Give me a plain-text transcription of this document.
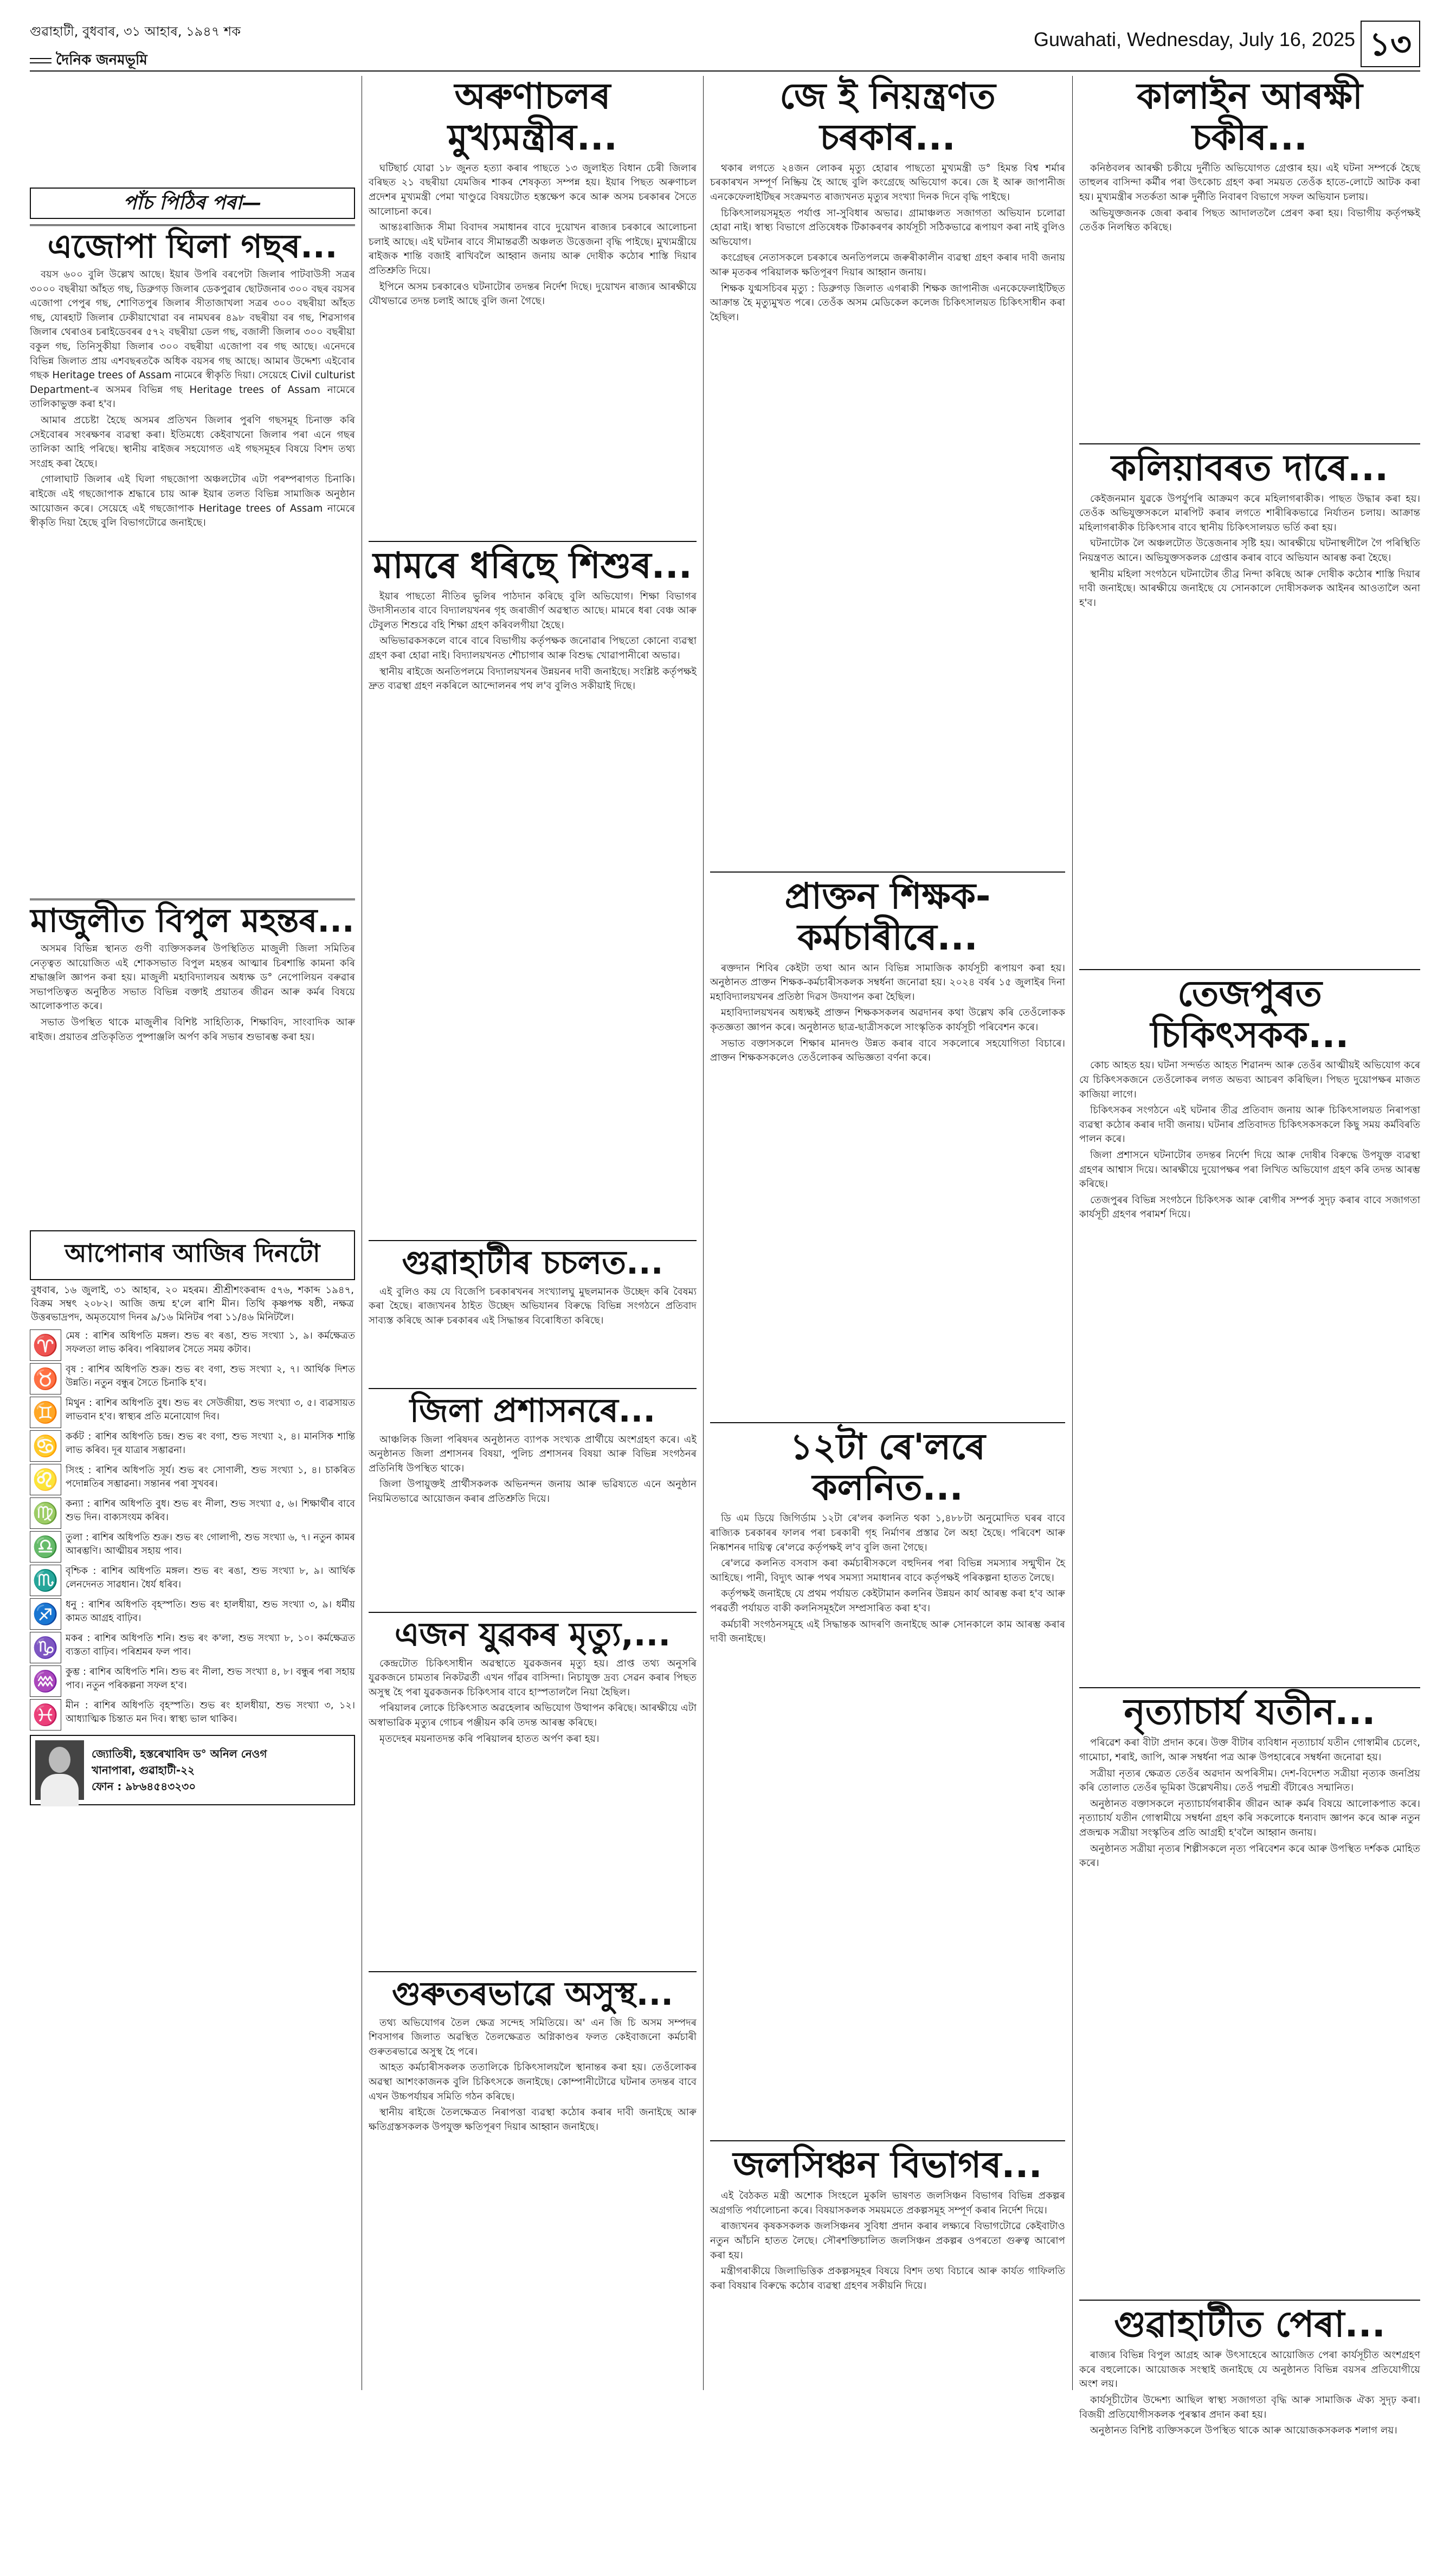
গুৱাহাটী, বুধবাৰ, ৩১ আহাৰ, ১৯৪৭ শক
দৈনিক জনমভূমি
Guwahati, Wednesday, July 16, 2025 ১৩
পাঁচ পিঠিৰ পৰা—
এজোপা ঘিলা গছৰ...

বয়স ৬০০ বুলি উল্লেখ আছে। ইয়াৰ উপৰি বৰপেটা জিলাৰ পাটবাউসী সত্ৰৰ ৩০০০ বছৰীয়া আঁহত গছ, ডিব্ৰুগড় জিলাৰ ডেকপুৱাৰ ছোটজনাৰ ৩০০ বছৰ বয়সৰ এজোপা পেপুৰ গছ, শোণিতপুৰ জিলাৰ সীতাজাখলা সত্ৰৰ ৩০০ বছৰীয়া আঁহত গছ, যোৰহাট জিলাৰ ঢেকীয়াখোৱা বৰ নামঘৰৰ ৪৯৮ বছৰীয়া বৰ গছ, শিৱসাগৰ জিলাৰ থেৰাওৰ চৰাইডেবৰৰ ৫৭২ বছৰীয়া ডেল গছ, বজালী জিলাৰ ৩০০ বছৰীয়া বকুল গছ, তিনিসুকীয়া জিলাৰ ৩০০ বছৰীয়া এজোপা বৰ গছ আছে। এনেদৰে বিভিন্ন জিলাত প্ৰায় এশবছৰতকৈ অধিক বয়সৰ গছ আছে। আমাৰ উদ্দেশ্য এইবোৰ গছক Heritage trees of Assam নামেৰে স্বীকৃতি দিয়া। সেয়েহে Civil culturist Department-ৰ অসমৰ বিভিন্ন গছ Heritage trees of Assam নামেৰে তালিকাভুক্ত কৰা হ'ব।

আমাৰ প্ৰচেষ্টা হৈছে অসমৰ প্ৰতিখন জিলাৰ পুৰণি গছসমূহ চিনাক্ত কৰি সেইবোৰৰ সংৰক্ষণৰ ব্যৱস্থা কৰা। ইতিমধ্যে কেইবাখনো জিলাৰ পৰা এনে গছৰ তালিকা আহি পৰিছে। স্থানীয় ৰাইজৰ সহযোগত এই গছসমূহৰ বিষয়ে বিশদ তথ্য সংগ্ৰহ কৰা হৈছে।

গোলাঘাট জিলাৰ এই ঘিলা গছজোপা অঞ্চলটোৰ এটা পৰম্পৰাগত চিনাকি। ৰাইজে এই গছজোপাক শ্ৰদ্ধাৰে চায় আৰু ইয়াৰ তলত বিভিন্ন সামাজিক অনুষ্ঠান আয়োজন কৰে। সেয়েহে এই গছজোপাক Heritage trees of Assam নামেৰে স্বীকৃতি দিয়া হৈছে বুলি বিভাগটোৱে জনাইছে।

মাজুলীত বিপুল মহন্তৰ...

অসমৰ বিভিন্ন স্থানত গুণী ব্যক্তিসকলৰ উপস্থিতিত মাজুলী জিলা সমিতিৰ নেতৃত্বত আয়োজিত এই শোকসভাত বিপুল মহন্তৰ আত্মাৰ চিৰশান্তি কামনা কৰি শ্ৰদ্ধাঞ্জলি জ্ঞাপন কৰা হয়। মাজুলী মহাবিদ্যালয়ৰ অধ্যক্ষ ড° নেপোলিয়ন বৰুৱাৰ সভাপতিত্বত অনুষ্ঠিত সভাত বিভিন্ন বক্তাই প্ৰয়াতৰ জীৱন আৰু কৰ্মৰ বিষয়ে আলোকপাত কৰে।

সভাত উপস্থিত থাকে মাজুলীৰ বিশিষ্ট সাহিত্যিক, শিক্ষাবিদ, সাংবাদিক আৰু ৰাইজ। প্ৰয়াতৰ প্ৰতিকৃতিত পুষ্পাঞ্জলি অৰ্পণ কৰি সভাৰ শুভাৰম্ভ কৰা হয়।

আপোনাৰ আজিৰ দিনটো
বুধবাৰ, ১৬ জুলাই, ৩১ আহাৰ, ২০ মহৰম। শ্ৰীশ্ৰীশংকৰাব্দ ৫৭৬, শকাব্দ ১৯৪৭, বিক্ৰম সম্বৎ ২০৮২। আজি জন্ম হ'লে ৰাশি মীন। তিথি কৃষ্ণপক্ষ ষষ্ঠী, নক্ষত্ৰ উত্তৰভাদ্ৰপদ, অমৃতযোগ দিনৰ ৯/১৬ মিনিটৰ পৰা ১১/৪৬ মিনিটলৈ।
♈ মেষ : ৰাশিৰ অধিপতি মঙ্গল। শুভ ৰং ৰঙা, শুভ সংখ্যা ১, ৯। কৰ্মক্ষেত্ৰত সফলতা লাভ কৰিব। পৰিয়ালৰ সৈতে সময় কটাব।
♉ বৃষ : ৰাশিৰ অধিপতি শুক্ৰ। শুভ ৰং বগা, শুভ সংখ্যা ২, ৭। আৰ্থিক দিশত উন্নতি। নতুন বন্ধুৰ সৈতে চিনাকি হ'ব।
♊ মিথুন : ৰাশিৰ অধিপতি বুধ। শুভ ৰং সেউজীয়া, শুভ সংখ্যা ৩, ৫। ব্যৱসায়ত লাভবান হ'ব। স্বাস্থ্যৰ প্ৰতি মনোযোগ দিব।
♋ কৰ্কট : ৰাশিৰ অধিপতি চন্দ্ৰ। শুভ ৰং বগা, শুভ সংখ্যা ২, ৪। মানসিক শান্তি লাভ কৰিব। দূৰ যাত্ৰাৰ সম্ভাৱনা।
♌ সিংহ : ৰাশিৰ অধিপতি সূৰ্য। শুভ ৰং সোণালী, শুভ সংখ্যা ১, ৪। চাকৰিত পদোন্নতিৰ সম্ভাৱনা। সন্তানৰ পৰা সুখবৰ।
♍ কন্যা : ৰাশিৰ অধিপতি বুধ। শুভ ৰং নীলা, শুভ সংখ্যা ৫, ৬। শিক্ষাৰ্থীৰ বাবে শুভ দিন। বাক্যসংযম কৰিব।
♎ তুলা : ৰাশিৰ অধিপতি শুক্ৰ। শুভ ৰং গোলাপী, শুভ সংখ্যা ৬, ৭। নতুন কামৰ আৰম্ভণি। আত্মীয়ৰ সহায় পাব।
♏ বৃশ্চিক : ৰাশিৰ অধিপতি মঙ্গল। শুভ ৰং ৰঙা, শুভ সংখ্যা ৮, ৯। আৰ্থিক লেনদেনত সাৱধান। ধৈৰ্য ধৰিব।
♐ ধনু : ৰাশিৰ অধিপতি বৃহস্পতি। শুভ ৰং হালধীয়া, শুভ সংখ্যা ৩, ৯। ধৰ্মীয় কামত আগ্ৰহ বাঢ়িব।
♑ মকৰ : ৰাশিৰ অধিপতি শনি। শুভ ৰং ক'লা, শুভ সংখ্যা ৮, ১০। কৰ্মক্ষেত্ৰত ব্যস্ততা বাঢ়িব। পৰিশ্ৰমৰ ফল পাব।
♒ কুম্ভ : ৰাশিৰ অধিপতি শনি। শুভ ৰং নীলা, শুভ সংখ্যা ৪, ৮। বন্ধুৰ পৰা সহায় পাব। নতুন পৰিকল্পনা সফল হ'ব।
♓ মীন : ৰাশিৰ অধিপতি বৃহস্পতি। শুভ ৰং হালধীয়া, শুভ সংখ্যা ৩, ১২। আধ্যাত্মিক চিন্তাত মন দিব। স্বাস্থ্য ভাল থাকিব।
জ্যোতিষী, হস্তৰেখাবিদ ড° অনিল নেওগ
খানাপাৰা, গুৱাহাটী-২২
ফোন : ৯৮৬৪৫৪৩২৩০
অৰুণাচলৰ মুখ্যমন্ত্ৰীৰ...

ঘটিছাৰ্চ যোৱা ১৮ জুনত হত্যা কৰাৰ পাছতে ১৩ জুলাইত বিধান চেৰী জিলাৰ বৰিছত ২১ বছৰীয়া যেমজিৰ শাকৰ শেষকৃত্য সম্পন্ন হয়। ইয়াৰ পিছত অৰুণাচল প্ৰদেশৰ মুখ্যমন্ত্ৰী পেমা খাণ্ডুৱে বিষয়টোত হস্তক্ষেপ কৰে আৰু অসম চৰকাৰৰ সৈতে আলোচনা কৰে।

আন্তঃৰাজ্যিক সীমা বিবাদৰ সমাধানৰ বাবে দুয়োখন ৰাজ্যৰ চৰকাৰে আলোচনা চলাই আছে। এই ঘটনাৰ বাবে সীমান্তৱৰ্তী অঞ্চলত উত্তেজনা বৃদ্ধি পাইছে। মুখ্যমন্ত্ৰীয়ে ৰাইজক শান্তি বজাই ৰাখিবলৈ আহ্বান জনায় আৰু দোষীক কঠোৰ শাস্তি দিয়াৰ প্ৰতিশ্ৰুতি দিয়ে।

ইপিনে অসম চৰকাৰেও ঘটনাটোৰ তদন্তৰ নিৰ্দেশ দিছে। দুয়োখন ৰাজ্যৰ আৰক্ষীয়ে যৌথভাৱে তদন্ত চলাই আছে বুলি জনা গৈছে।

মামৰে ধৰিছে শিশুৰ...

ইয়াৰ পাছতো নীতিৰ ভুলিৰ পাঠদান কৰিছে বুলি অভিযোগ। শিক্ষা বিভাগৰ উদাসীনতাৰ বাবে বিদ্যালয়খনৰ গৃহ জৰাজীৰ্ণ অৱস্থাত আছে। মামৰে ধৰা বেঞ্চ আৰু টেবুলত শিশুৱে বহি শিক্ষা গ্ৰহণ কৰিবলগীয়া হৈছে।

অভিভাৱকসকলে বাৰে বাৰে বিভাগীয় কৰ্তৃপক্ষক জনোৱাৰ পিছতো কোনো ব্যৱস্থা গ্ৰহণ কৰা হোৱা নাই। বিদ্যালয়খনত শৌচাগাৰ আৰু বিশুদ্ধ খোৱাপানীৰো অভাৱ।

স্থানীয় ৰাইজে অনতিপলমে বিদ্যালয়খনৰ উন্নয়নৰ দাবী জনাইছে। সংশ্লিষ্ট কৰ্তৃপক্ষই দ্ৰুত ব্যৱস্থা গ্ৰহণ নকৰিলে আন্দোলনৰ পথ ল'ব বুলিও সকীয়াই দিছে।

গুৱাহাটীৰ চচলত...

এই বুলিও কয় যে বিজেপি চৰকাৰখনৰ সংখ্যালঘু মুছলমানক উচ্ছেদ কৰি বৈষম্য কৰা হৈছে। ৰাজ্যখনৰ ঠাইত উচ্ছেদ অভিযানৰ বিৰুদ্ধে বিভিন্ন সংগঠনে প্ৰতিবাদ সাব্যস্ত কৰিছে আৰু চৰকাৰৰ এই সিদ্ধান্তৰ বিৰোধিতা কৰিছে।

জিলা প্ৰশাসনৰে...

আঞ্চলিক জিলা পৰিষদৰ অনুষ্ঠানত ব্যাপক সংখ্যক প্ৰাৰ্থীয়ে অংশগ্ৰহণ কৰে। এই অনুষ্ঠানত জিলা প্ৰশাসনৰ বিষয়া, পুলিচ প্ৰশাসনৰ বিষয়া আৰু বিভিন্ন সংগঠনৰ প্ৰতিনিধি উপস্থিত থাকে।

জিলা উপায়ুক্তই প্ৰাৰ্থীসকলক অভিনন্দন জনায় আৰু ভৱিষ্যতে এনে অনুষ্ঠান নিয়মিতভাৱে আয়োজন কৰাৰ প্ৰতিশ্ৰুতি দিয়ে।

এজন যুৱকৰ মৃত্যু,...

কেন্দ্ৰটোত চিকিৎসাধীন অৱস্থাতে যুৱকজনৰ মৃত্যু হয়। প্ৰাপ্ত তথ্য অনুসৰি যুৱকজনে চামতাৰ নিকটৱৰ্তী এখন গাঁৱৰ বাসিন্দা। নিচাযুক্ত দ্ৰব্য সেৱন কৰাৰ পিছত অসুস্থ হৈ পৰা যুৱকজনক চিকিৎসাৰ বাবে হাস্পতাললৈ নিয়া হৈছিল।

পৰিয়ালৰ লোকে চিকিৎসাত অৱহেলাৰ অভিযোগ উত্থাপন কৰিছে। আৰক্ষীয়ে এটা অস্বাভাৱিক মৃত্যুৰ গোচৰ পঞ্জীয়ন কৰি তদন্ত আৰম্ভ কৰিছে।

মৃতদেহৰ ময়নাতদন্ত কৰি পৰিয়ালৰ হাতত অৰ্পণ কৰা হয়।

গুৰুতৰভাৱে অসুস্থ...

তথ্য অভিযোগৰ তৈল ক্ষেত্ৰ সন্দেহ সমিতিয়ে। অ' এন জি চি অসম সম্পদৰ শিবসাগৰ জিলাত অৱস্থিত তৈলক্ষেত্ৰত অগ্নিকাণ্ডৰ ফলত কেইবাজনো কৰ্মচাৰী গুৰুতৰভাৱে অসুস্থ হৈ পৰে।

আহত কৰ্মচাৰীসকলক ততালিকে চিকিৎসালয়লৈ স্থানান্তৰ কৰা হয়। তেওঁলোকৰ অৱস্থা আশংকাজনক বুলি চিকিৎসকে জনাইছে। কোম্পানীটোৱে ঘটনাৰ তদন্তৰ বাবে এখন উচ্চপৰ্যায়ৰ সমিতি গঠন কৰিছে।

স্থানীয় ৰাইজে তৈলক্ষেত্ৰত নিৰাপত্তা ব্যৱস্থা কঠোৰ কৰাৰ দাবী জনাইছে আৰু ক্ষতিগ্ৰস্তসকলক উপযুক্ত ক্ষতিপূৰণ দিয়াৰ আহ্বান জনাইছে।

জে ই নিয়ন্ত্ৰণত চৰকাৰ...

থকাৰ লগতে ২৪জন লোকৰ মৃত্যু হোৱাৰ পাছতো মুখ্যমন্ত্ৰী ড° হিমন্ত বিশ্ব শৰ্মাৰ চৰকাৰখন সম্পূৰ্ণ নিষ্ক্ৰিয় হৈ আছে বুলি কংগ্ৰেছে অভিযোগ কৰে। জে ই আৰু জাপানীজ এনকেফেলাইটিছৰ সংক্ৰমণত ৰাজ্যখনত মৃত্যুৰ সংখ্যা দিনক দিনে বৃদ্ধি পাইছে।

চিকিৎসালয়সমূহত পৰ্যাপ্ত সা-সুবিধাৰ অভাৱ। গ্ৰামাঞ্চলত সজাগতা অভিযান চলোৱা হোৱা নাই। স্বাস্থ্য বিভাগে প্ৰতিষেধক টিকাকৰণৰ কাৰ্যসূচী সঠিকভাৱে ৰূপায়ণ কৰা নাই বুলিও অভিযোগ।

কংগ্ৰেছৰ নেতাসকলে চৰকাৰে অনতিপলমে জৰুৰীকালীন ব্যৱস্থা গ্ৰহণ কৰাৰ দাবী জনায় আৰু মৃতকৰ পৰিয়ালক ক্ষতিপূৰণ দিয়াৰ আহ্বান জনায়।

শিক্ষক যুগ্মসচিবৰ মৃত্যু : ডিব্ৰুগড় জিলাত এগৰাকী শিক্ষক জাপানীজ এনকেফেলাইটিছত আক্ৰান্ত হৈ মৃত্যুমুখত পৰে। তেওঁক অসম মেডিকেল কলেজ চিকিৎসালয়ত চিকিৎসাধীন কৰা হৈছিল।

প্ৰাক্তন শিক্ষক-কৰ্মচাৰীৰে...

ৰক্তদান শিবিৰ কেইটা তথা আন আন বিভিন্ন সামাজিক কাৰ্যসূচী ৰূপায়ণ কৰা হয়। অনুষ্ঠানত প্ৰাক্তন শিক্ষক-কৰ্মচাৰীসকলক সম্বৰ্ধনা জনোৱা হয়। ২০২৪ বৰ্ষৰ ১৫ জুলাইৰ দিনা মহাবিদ্যালয়খনৰ প্ৰতিষ্ঠা দিৱস উদযাপন কৰা হৈছিল।

মহাবিদ্যালয়খনৰ অধ্যক্ষই প্ৰাক্তন শিক্ষকসকলৰ অৱদানৰ কথা উল্লেখ কৰি তেওঁলোকক কৃতজ্ঞতা জ্ঞাপন কৰে। অনুষ্ঠানত ছাত্ৰ-ছাত্ৰীসকলে সাংস্কৃতিক কাৰ্যসূচী পৰিবেশন কৰে।

সভাত বক্তাসকলে শিক্ষাৰ মানদণ্ড উন্নত কৰাৰ বাবে সকলোৰে সহযোগিতা বিচাৰে। প্ৰাক্তন শিক্ষকসকলেও তেওঁলোকৰ অভিজ্ঞতা বৰ্ণনা কৰে।

১২টা ৰে'লৰে কলনিত...

ডি এম ডিয়ে জিগিৰ্ডাম ১২টা ৰে'লৰ কলনিত থকা ১,৪৮৮টা অনুমোদিত ঘৰৰ বাবে ৰাজ্যিক চৰকাৰৰ ফালৰ পৰা চৰকাৰী গৃহ নিৰ্মাণৰ প্ৰস্তাৱ লৈ অহা হৈছে। পৰিবেশ আৰু নিষ্কাশনৰ দায়িত্ব ৰে'লৱে কৰ্তৃপক্ষই ল'ব বুলি জনা গৈছে।

ৰে'লৱে কলনিত বসবাস কৰা কৰ্মচাৰীসকলে বহুদিনৰ পৰা বিভিন্ন সমস্যাৰ সন্মুখীন হৈ আহিছে। পানী, বিদ্যুৎ আৰু পথৰ সমস্যা সমাধানৰ বাবে কৰ্তৃপক্ষই পৰিকল্পনা হাতত লৈছে।

কৰ্তৃপক্ষই জনাইছে যে প্ৰথম পৰ্যায়ত কেইটামান কলনিৰ উন্নয়ন কাৰ্য আৰম্ভ কৰা হ'ব আৰু পৰৱৰ্তী পৰ্যায়ত বাকী কলনিসমূহলৈ সম্প্ৰসাৰিত কৰা হ'ব।

কৰ্মচাৰী সংগঠনসমূহে এই সিদ্ধান্তক আদৰণি জনাইছে আৰু সোনকালে কাম আৰম্ভ কৰাৰ দাবী জনাইছে।

জলসিঞ্চন বিভাগৰ...

এই বৈঠকত মন্ত্ৰী অশোক সিংহলে মুকলি ভাষণত জলসিঞ্চন বিভাগৰ বিভিন্ন প্ৰকল্পৰ অগ্ৰগতি পৰ্যালোচনা কৰে। বিষয়াসকলক সময়মতে প্ৰকল্পসমূহ সম্পূৰ্ণ কৰাৰ নিৰ্দেশ দিয়ে।

ৰাজ্যখনৰ কৃষকসকলক জলসিঞ্চনৰ সুবিধা প্ৰদান কৰাৰ লক্ষ্যৰে বিভাগটোৱে কেইবাটাও নতুন আঁচনি হাতত লৈছে। সৌৰশক্তিচালিত জলসিঞ্চন প্ৰকল্পৰ ওপৰতো গুৰুত্ব আৰোপ কৰা হয়।

মন্ত্ৰীগৰাকীয়ে জিলাভিত্তিক প্ৰকল্পসমূহৰ বিষয়ে বিশদ তথ্য বিচাৰে আৰু কাৰ্যত গাফিলতি কৰা বিষয়াৰ বিৰুদ্ধে কঠোৰ ব্যৱস্থা গ্ৰহণৰ সকীয়নি দিয়ে।

কালাইন আৰক্ষী চকীৰ...

কনিষ্ঠবলৰ আৰক্ষী চকীয়ে দুৰ্নীতি অভিযোগত গ্ৰেপ্তাৰ হয়। এই ঘটনা সম্পৰ্কে হৈছে তাহুলৰ বাসিন্দা কৰ্মীৰ পৰা উৎকোচ গ্ৰহণ কৰা সময়ত তেওঁক হাতে-লোটে আটক কৰা হয়। মুখ্যমন্ত্ৰীৰ সতৰ্কতা আৰু দুৰ্নীতি নিবাৰণ বিভাগে সফল অভিযান চলায়।

অভিযুক্তজনক জেৰা কৰাৰ পিছত আদালতলৈ প্ৰেৰণ কৰা হয়। বিভাগীয় কৰ্তৃপক্ষই তেওঁক নিলম্বিত কৰিছে।

কলিয়াবৰত দাৰে...

কেইজনমান যুৱকে উপৰ্যুপৰি আক্ৰমণ কৰে মহিলাগৰাকীক। পাছত উদ্ধাৰ কৰা হয়। তেওঁক অভিযুক্তসকলে মাৰপিট কৰাৰ লগতে শাৰীৰিকভাৱে নিৰ্যাতন চলায়। আক্ৰান্ত মহিলাগৰাকীক চিকিৎসাৰ বাবে স্থানীয় চিকিৎসালয়ত ভৰ্তি কৰা হয়।

ঘটনাটোক লৈ অঞ্চলটোত উত্তেজনাৰ সৃষ্টি হয়। আৰক্ষীয়ে ঘটনাস্থলীলৈ গৈ পৰিস্থিতি নিয়ন্ত্ৰণত আনে। অভিযুক্তসকলক গ্ৰেপ্তাৰ কৰাৰ বাবে অভিযান আৰম্ভ কৰা হৈছে।

স্থানীয় মহিলা সংগঠনে ঘটনাটোৰ তীব্ৰ নিন্দা কৰিছে আৰু দোষীক কঠোৰ শাস্তি দিয়াৰ দাবী জনাইছে। আৰক্ষীয়ে জনাইছে যে সোনকালে দোষীসকলক আইনৰ আওতালৈ অনা হ'ব।

তেজপুৰত চিকিৎসকক...

কোচ আহত হয়। ঘটনা সন্দৰ্ভত আহত শিৱানন্দ আৰু তেওঁৰ আত্মীয়ই অভিযোগ কৰে যে চিকিৎসকজনে তেওঁলোকৰ লগত অভব্য আচৰণ কৰিছিল। পিছত দুয়োপক্ষৰ মাজত কাজিয়া লাগে।

চিকিৎসকৰ সংগঠনে এই ঘটনাৰ তীব্ৰ প্ৰতিবাদ জনায় আৰু চিকিৎসালয়ত নিৰাপত্তা ব্যৱস্থা কঠোৰ কৰাৰ দাবী জনায়। ঘটনাৰ প্ৰতিবাদত চিকিৎসকসকলে কিছু সময় কৰ্মবিৰতি পালন কৰে।

জিলা প্ৰশাসনে ঘটনাটোৰ তদন্তৰ নিৰ্দেশ দিয়ে আৰু দোষীৰ বিৰুদ্ধে উপযুক্ত ব্যৱস্থা গ্ৰহণৰ আশ্বাস দিয়ে। আৰক্ষীয়ে দুয়োপক্ষৰ পৰা লিখিত অভিযোগ গ্ৰহণ কৰি তদন্ত আৰম্ভ কৰিছে।

তেজপুৰৰ বিভিন্ন সংগঠনে চিকিৎসক আৰু ৰোগীৰ সম্পৰ্ক সুদৃঢ় কৰাৰ বাবে সজাগতা কাৰ্যসূচী গ্ৰহণৰ পৰামৰ্শ দিয়ে।

নৃত্যাচাৰ্য যতীন...

পৰিৱেশ কৰা বীটা প্ৰদান কৰে। উক্ত বীটাৰ ব্যবিধান নৃত্যাচাৰ্য যতীন গোস্বামীৰ চেলেং, গামোচা, শৰাই, জাপি, আৰু সম্বৰ্ধনা পত্ৰ আৰু উপহাৰেৰে সম্বৰ্ধনা জনোৱা হয়।

সত্ৰীয়া নৃত্যৰ ক্ষেত্ৰত তেওঁৰ অৱদান অপৰিসীম। দেশ-বিদেশত সত্ৰীয়া নৃত্যক জনপ্ৰিয় কৰি তোলাত তেওঁৰ ভূমিকা উল্লেখনীয়। তেওঁ পদ্মশ্ৰী বঁটাৰেও সন্মানিত।

অনুষ্ঠানত বক্তাসকলে নৃত্যাচাৰ্যগৰাকীৰ জীৱন আৰু কৰ্মৰ বিষয়ে আলোকপাত কৰে। নৃত্যাচাৰ্য যতীন গোস্বামীয়ে সম্বৰ্ধনা গ্ৰহণ কৰি সকলোকে ধন্যবাদ জ্ঞাপন কৰে আৰু নতুন প্ৰজন্মক সত্ৰীয়া সংস্কৃতিৰ প্ৰতি আগ্ৰহী হ'বলৈ আহ্বান জনায়।

অনুষ্ঠানত সত্ৰীয়া নৃত্যৰ শিল্পীসকলে নৃত্য পৰিবেশন কৰে আৰু উপস্থিত দৰ্শকক মোহিত কৰে।

গুৱাহাটীত পেৰা...

ৰাজ্যৰ বিভিন্ন বিপুল আগ্ৰহ আৰু উৎসাহেৰে আয়োজিত পেৰা কাৰ্যসূচীত অংশগ্ৰহণ কৰে বহুলোকে। আয়োজক সংস্থাই জনাইছে যে অনুষ্ঠানত বিভিন্ন বয়সৰ প্ৰতিযোগীয়ে অংশ লয়।

কাৰ্যসূচীটোৰ উদ্দেশ্য আছিল স্বাস্থ্য সজাগতা বৃদ্ধি আৰু সামাজিক ঐক্য সুদৃঢ় কৰা। বিজয়ী প্ৰতিযোগীসকলক পুৰস্কাৰ প্ৰদান কৰা হয়।

অনুষ্ঠানত বিশিষ্ট ব্যক্তিসকলে উপস্থিত থাকে আৰু আয়োজকসকলক শলাগ লয়।
